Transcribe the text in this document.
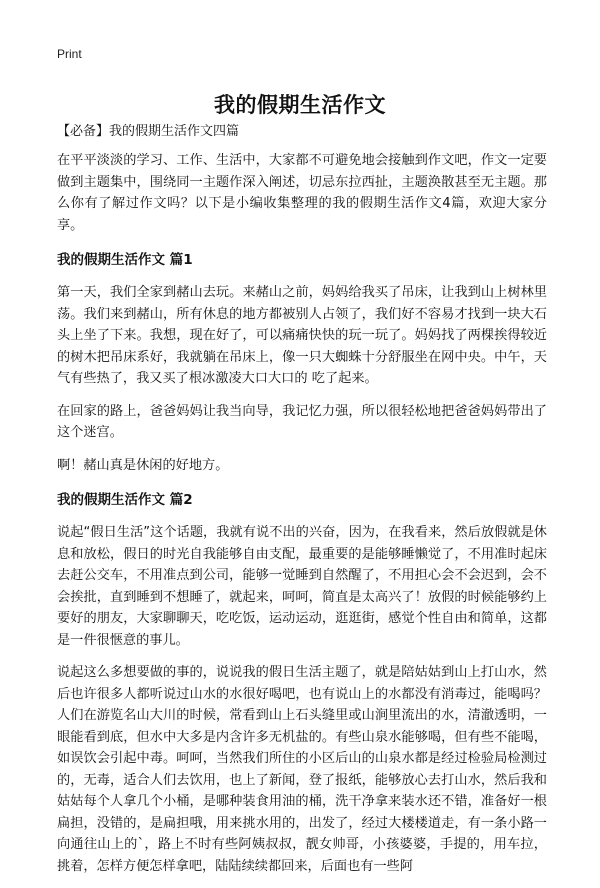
Print
我的假期生活作文
【必备】我的假期生活作文四篇

在平平淡淡的学习、工作、生活中，大家都不可避免地会接触到作文吧，作文一定要做到主题集中，围绕同一主题作深入阐述，切忌东拉西扯，主题涣散甚至无主题。那么你有了解过作文吗？以下是小编收集整理的我的假期生活作文4篇，欢迎大家分享。

我的假期生活作文 篇1

第一天，我们全家到赭山去玩。来赭山之前，妈妈给我买了吊床，让我到山上树林里荡。我们来到赭山，所有休息的地方都被别人占领了，我们好不容易才找到一块大石头上坐了下来。我想，现在好了，可以痛痛快快的玩一玩了。妈妈找了两棵挨得较近的树木把吊床系好，我就躺在吊床上，像一只大蜘蛛十分舒服坐在网中央。中午，天气有些热了，我又买了根冰激凌大口大口的 吃了起来。

在回家的路上，爸爸妈妈让我当向导，我记忆力强，所以很轻松地把爸爸妈妈带出了这个迷宫。

啊！赭山真是休闲的好地方。

我的假期生活作文 篇2

说起“假日生活”这个话题，我就有说不出的兴奋，因为，在我看来，然后放假就是休息和放松，假日的时光自我能够自由支配，最重要的是能够睡懒觉了，不用准时起床去赶公交车，不用准点到公司，能够一觉睡到自然醒了，不用担心会不会迟到，会不会挨批，直到睡到不想睡了，就起来，呵呵，简直是太高兴了！放假的时候能够约上要好的朋友，大家聊聊天，吃吃饭，运动运动，逛逛街，感觉个性自由和简单，这都是一件很惬意的事儿。

说起这么多想要做的事的，说说我的假日生活主题了，就是陪姑姑到山上打山水，然后也许很多人都听说过山水的水很好喝吧，也有说山上的水都没有消毒过，能喝吗？人们在游览名山大川的时候，常看到山上石头缝里或山涧里流出的水，清澈透明，一眼能看到底，但水中大多是内含许多无机盐的。有些山泉水能够喝，但有些不能喝，如误饮会引起中毒。呵呵，当然我们所住的小区后山的山泉水都是经过检验局检测过的，无毒，适合人们去饮用，也上了新闻，登了报纸，能够放心去打山水，然后我和姑姑每个人拿几个小桶，是哪种装食用油的桶，洗干净拿来装水还不错，准备好一根扁担，没错的，是扁担哦，用来挑水用的，出发了，经过大楼楼道走，有一条小路一向通往山上的`，路上不时有些阿姨叔叔，靓女帅哥，小孩婆婆，手提的，用车拉，挑着，怎样方便怎样拿吧，陆陆续续都回来，后面也有一些阿
